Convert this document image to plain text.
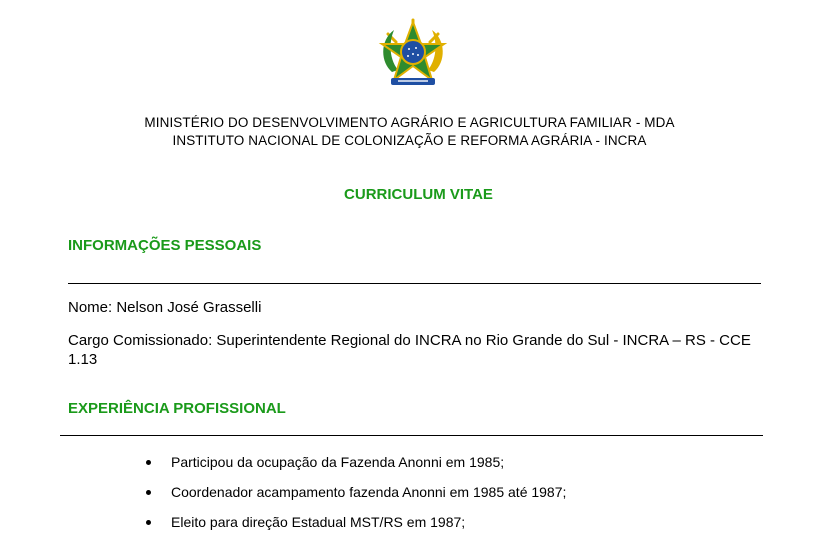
MINISTÉRIO DO DESENVOLVIMENTO AGRÁRIO E AGRICULTURA FAMILIAR - MDA
INSTITUTO NACIONAL DE COLONIZAÇÃO E REFORMA AGRÁRIA - INCRA
CURRICULUM VITAE
INFORMAÇÕES PESSOAIS
Nome: Nelson José Grasselli
Cargo Comissionado: Superintendente Regional do INCRA no Rio Grande do Sul - INCRA – RS - CCE 1.13
EXPERIÊNCIA PROFISSIONAL
Participou da ocupação da Fazenda Anonni em 1985;
Coordenador acampamento fazenda Anonni em 1985 até 1987;
Eleito para direção Estadual MST/RS em 1987;
